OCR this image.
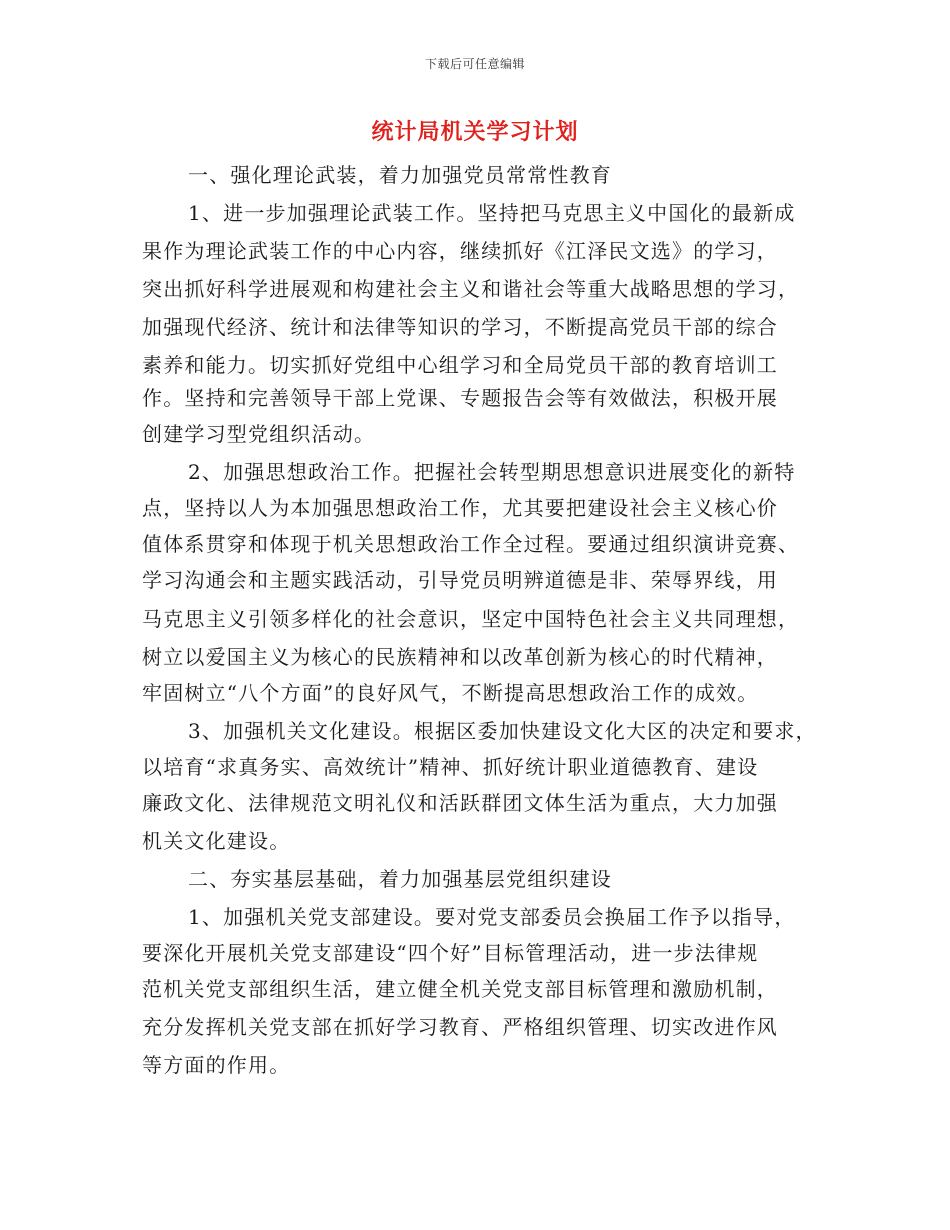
下载后可任意编辑
统计局机关学习计划
一、强化理论武装，着力加强党员常常性教育
1、进一步加强理论武装工作。坚持把马克思主义中国化的最新成
果作为理论武装工作的中心内容，继续抓好《江泽民文选》的学习，
突出抓好科学进展观和构建社会主义和谐社会等重大战略思想的学习，
加强现代经济、统计和法律等知识的学习，不断提高党员干部的综合
素养和能力。切实抓好党组中心组学习和全局党员干部的教育培训工
作。坚持和完善领导干部上党课、专题报告会等有效做法，积极开展
创建学习型党组织活动。
2、加强思想政治工作。把握社会转型期思想意识进展变化的新特
点，坚持以人为本加强思想政治工作，尤其要把建设社会主义核心价
值体系贯穿和体现于机关思想政治工作全过程。要通过组织演讲竞赛、
学习沟通会和主题实践活动，引导党员明辨道德是非、荣辱界线，用
马克思主义引领多样化的社会意识，坚定中国特色社会主义共同理想，
树立以爱国主义为核心的民族精神和以改革创新为核心的时代精神，
牢固树立“八个方面”的良好风气，不断提高思想政治工作的成效。
3、加强机关文化建设。根据区委加快建设文化大区的决定和要求，
以培育“求真务实、高效统计”精神、抓好统计职业道德教育、建设
廉政文化、法律规范文明礼仪和活跃群团文体生活为重点，大力加强
机关文化建设。
二、夯实基层基础，着力加强基层党组织建设
1、加强机关党支部建设。要对党支部委员会换届工作予以指导，
要深化开展机关党支部建设“四个好”目标管理活动，进一步法律规
范机关党支部组织生活，建立健全机关党支部目标管理和激励机制，
充分发挥机关党支部在抓好学习教育、严格组织管理、切实改进作风
等方面的作用。
